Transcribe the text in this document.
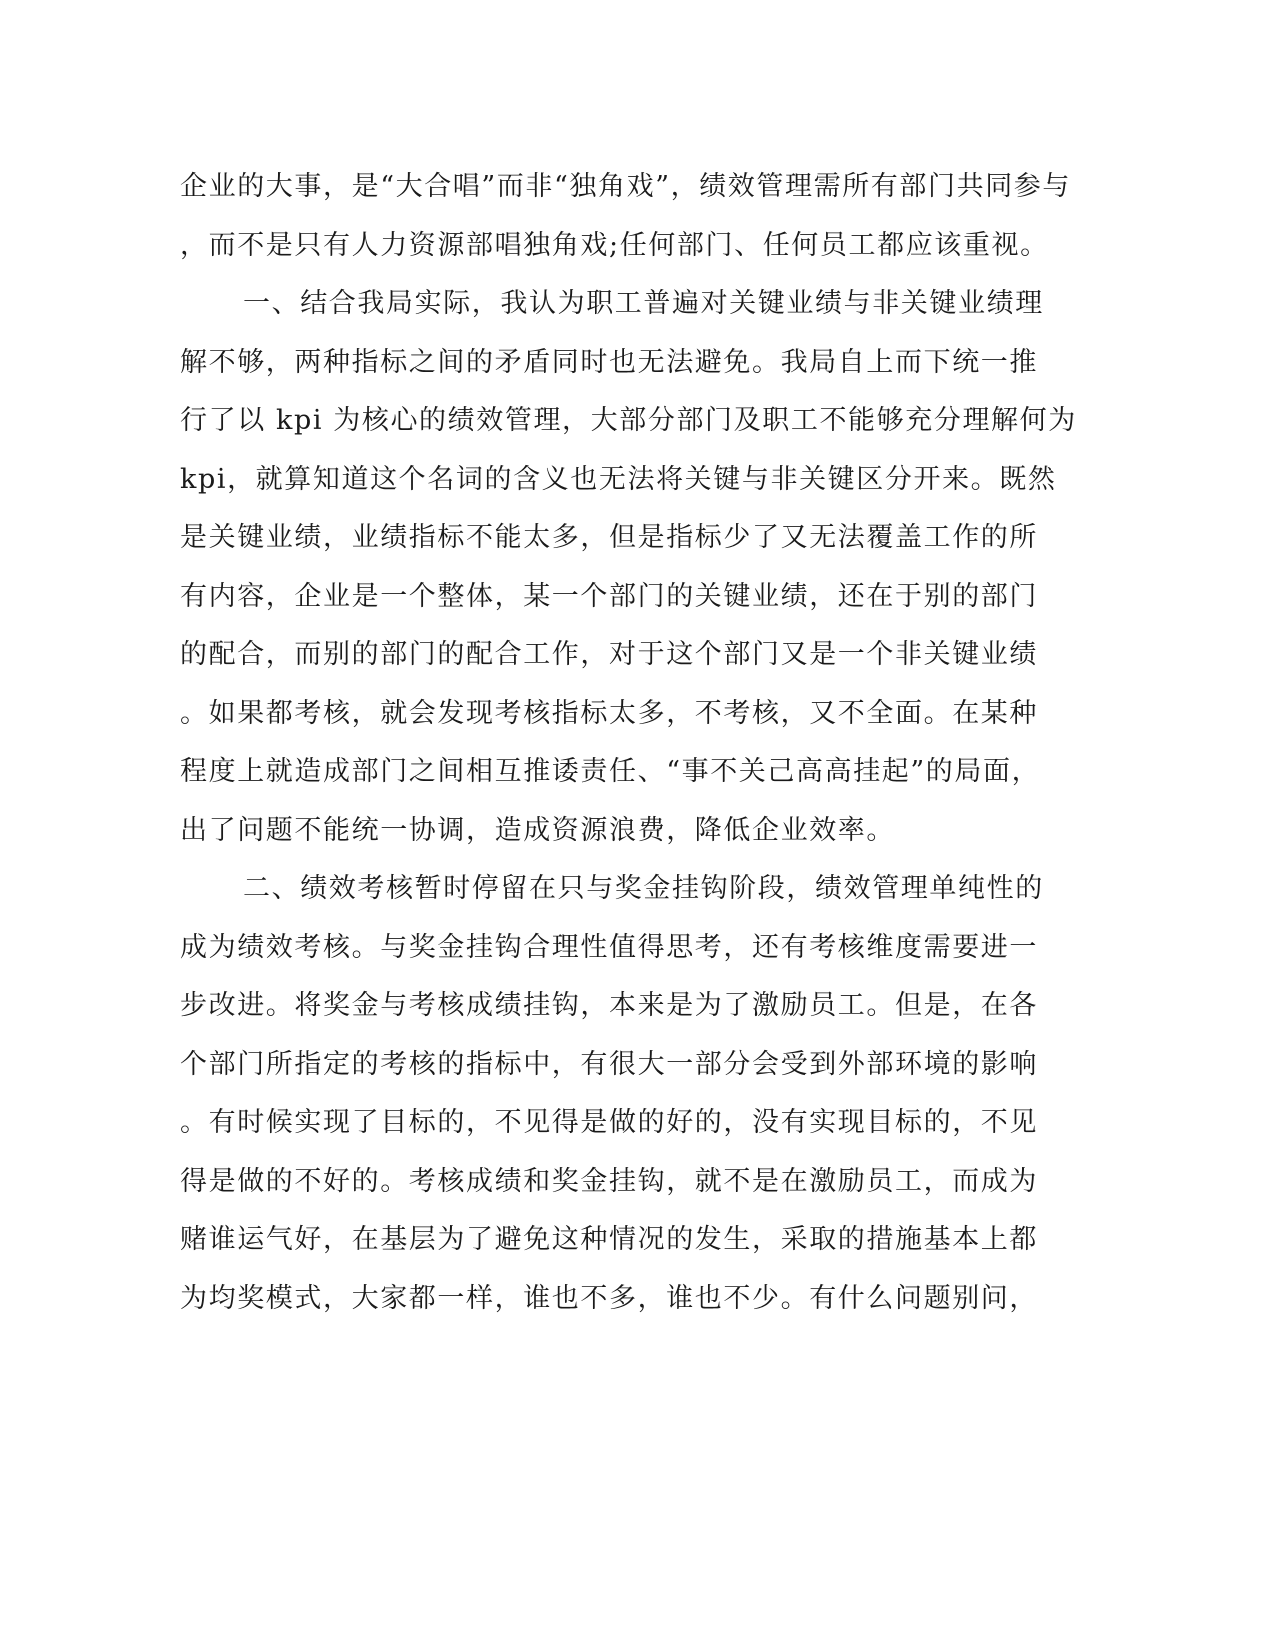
企业的大事，是“大合唱”而非“独角戏”，绩效管理需所有部门共同参与
，而不是只有人力资源部唱独角戏;任何部门、任何员工都应该重视。
一、结合我局实际，我认为职工普遍对关键业绩与非关键业绩理
解不够，两种指标之间的矛盾同时也无法避免。我局自上而下统一推
行了以 kpi 为核心的绩效管理，大部分部门及职工不能够充分理解何为
kpi，就算知道这个名词的含义也无法将关键与非关键区分开来。既然
是关键业绩，业绩指标不能太多，但是指标少了又无法覆盖工作的所
有内容，企业是一个整体，某一个部门的关键业绩，还在于别的部门
的配合，而别的部门的配合工作，对于这个部门又是一个非关键业绩
。如果都考核，就会发现考核指标太多，不考核，又不全面。在某种
程度上就造成部门之间相互推诿责任、“事不关己高高挂起”的局面，
出了问题不能统一协调，造成资源浪费，降低企业效率。
二、绩效考核暂时停留在只与奖金挂钩阶段，绩效管理单纯性的
成为绩效考核。与奖金挂钩合理性值得思考，还有考核维度需要进一
步改进。将奖金与考核成绩挂钩，本来是为了激励员工。但是，在各
个部门所指定的考核的指标中，有很大一部分会受到外部环境的影响
。有时候实现了目标的，不见得是做的好的，没有实现目标的，不见
得是做的不好的。考核成绩和奖金挂钩，就不是在激励员工，而成为
赌谁运气好，在基层为了避免这种情况的发生，采取的措施基本上都
为均奖模式，大家都一样，谁也不多，谁也不少。有什么问题别问，
